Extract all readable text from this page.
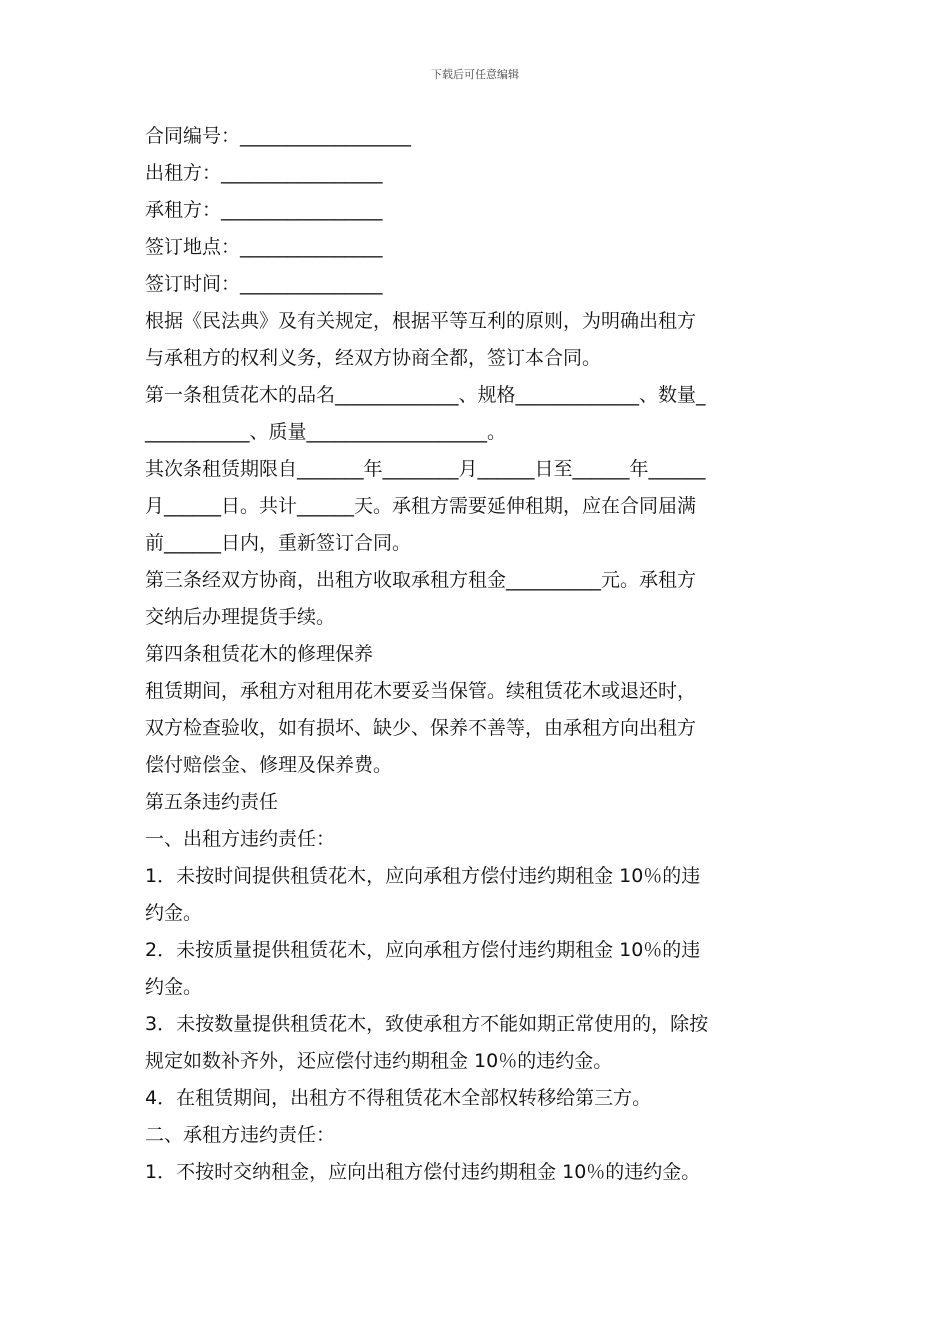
下载后可任意编辑
合同编号：__________________
出租方：_________________
承租方：_________________
签订地点：_______________
签订时间：_______________
根据《民法典》及有关规定，根据平等互利的原则，为明确出租方
与承租方的权利义务，经双方协商全都，签订本合同。
第一条租赁花木的品名_____________、规格_____________、数量_
___________、质量___________________。
其次条租赁期限自_______年________月______日至______年______
月______日。共计______天。承租方需要延伸租期，应在合同届满
前______日内，重新签订合同。
第三条经双方协商，出租方收取承租方租金__________元。承租方
交纳后办理提货手续。
第四条租赁花木的修理保养
租赁期间，承租方对租用花木要妥当保管。续租赁花木或退还时，
双方检查验收，如有损坏、缺少、保养不善等，由承租方向出租方
偿付赔偿金、修理及保养费。
第五条违约责任
一、出租方违约责任：
1．未按时间提供租赁花木，应向承租方偿付违约期租金 10％的违
约金。
2．未按质量提供租赁花木，应向承租方偿付违约期租金 10％的违
约金。
3．未按数量提供租赁花木，致使承租方不能如期正常使用的，除按
规定如数补齐外，还应偿付违约期租金 10％的违约金。
4．在租赁期间，出租方不得租赁花木全部权转移给第三方。
二、承租方违约责任：
1．不按时交纳租金，应向出租方偿付违约期租金 10％的违约金。
